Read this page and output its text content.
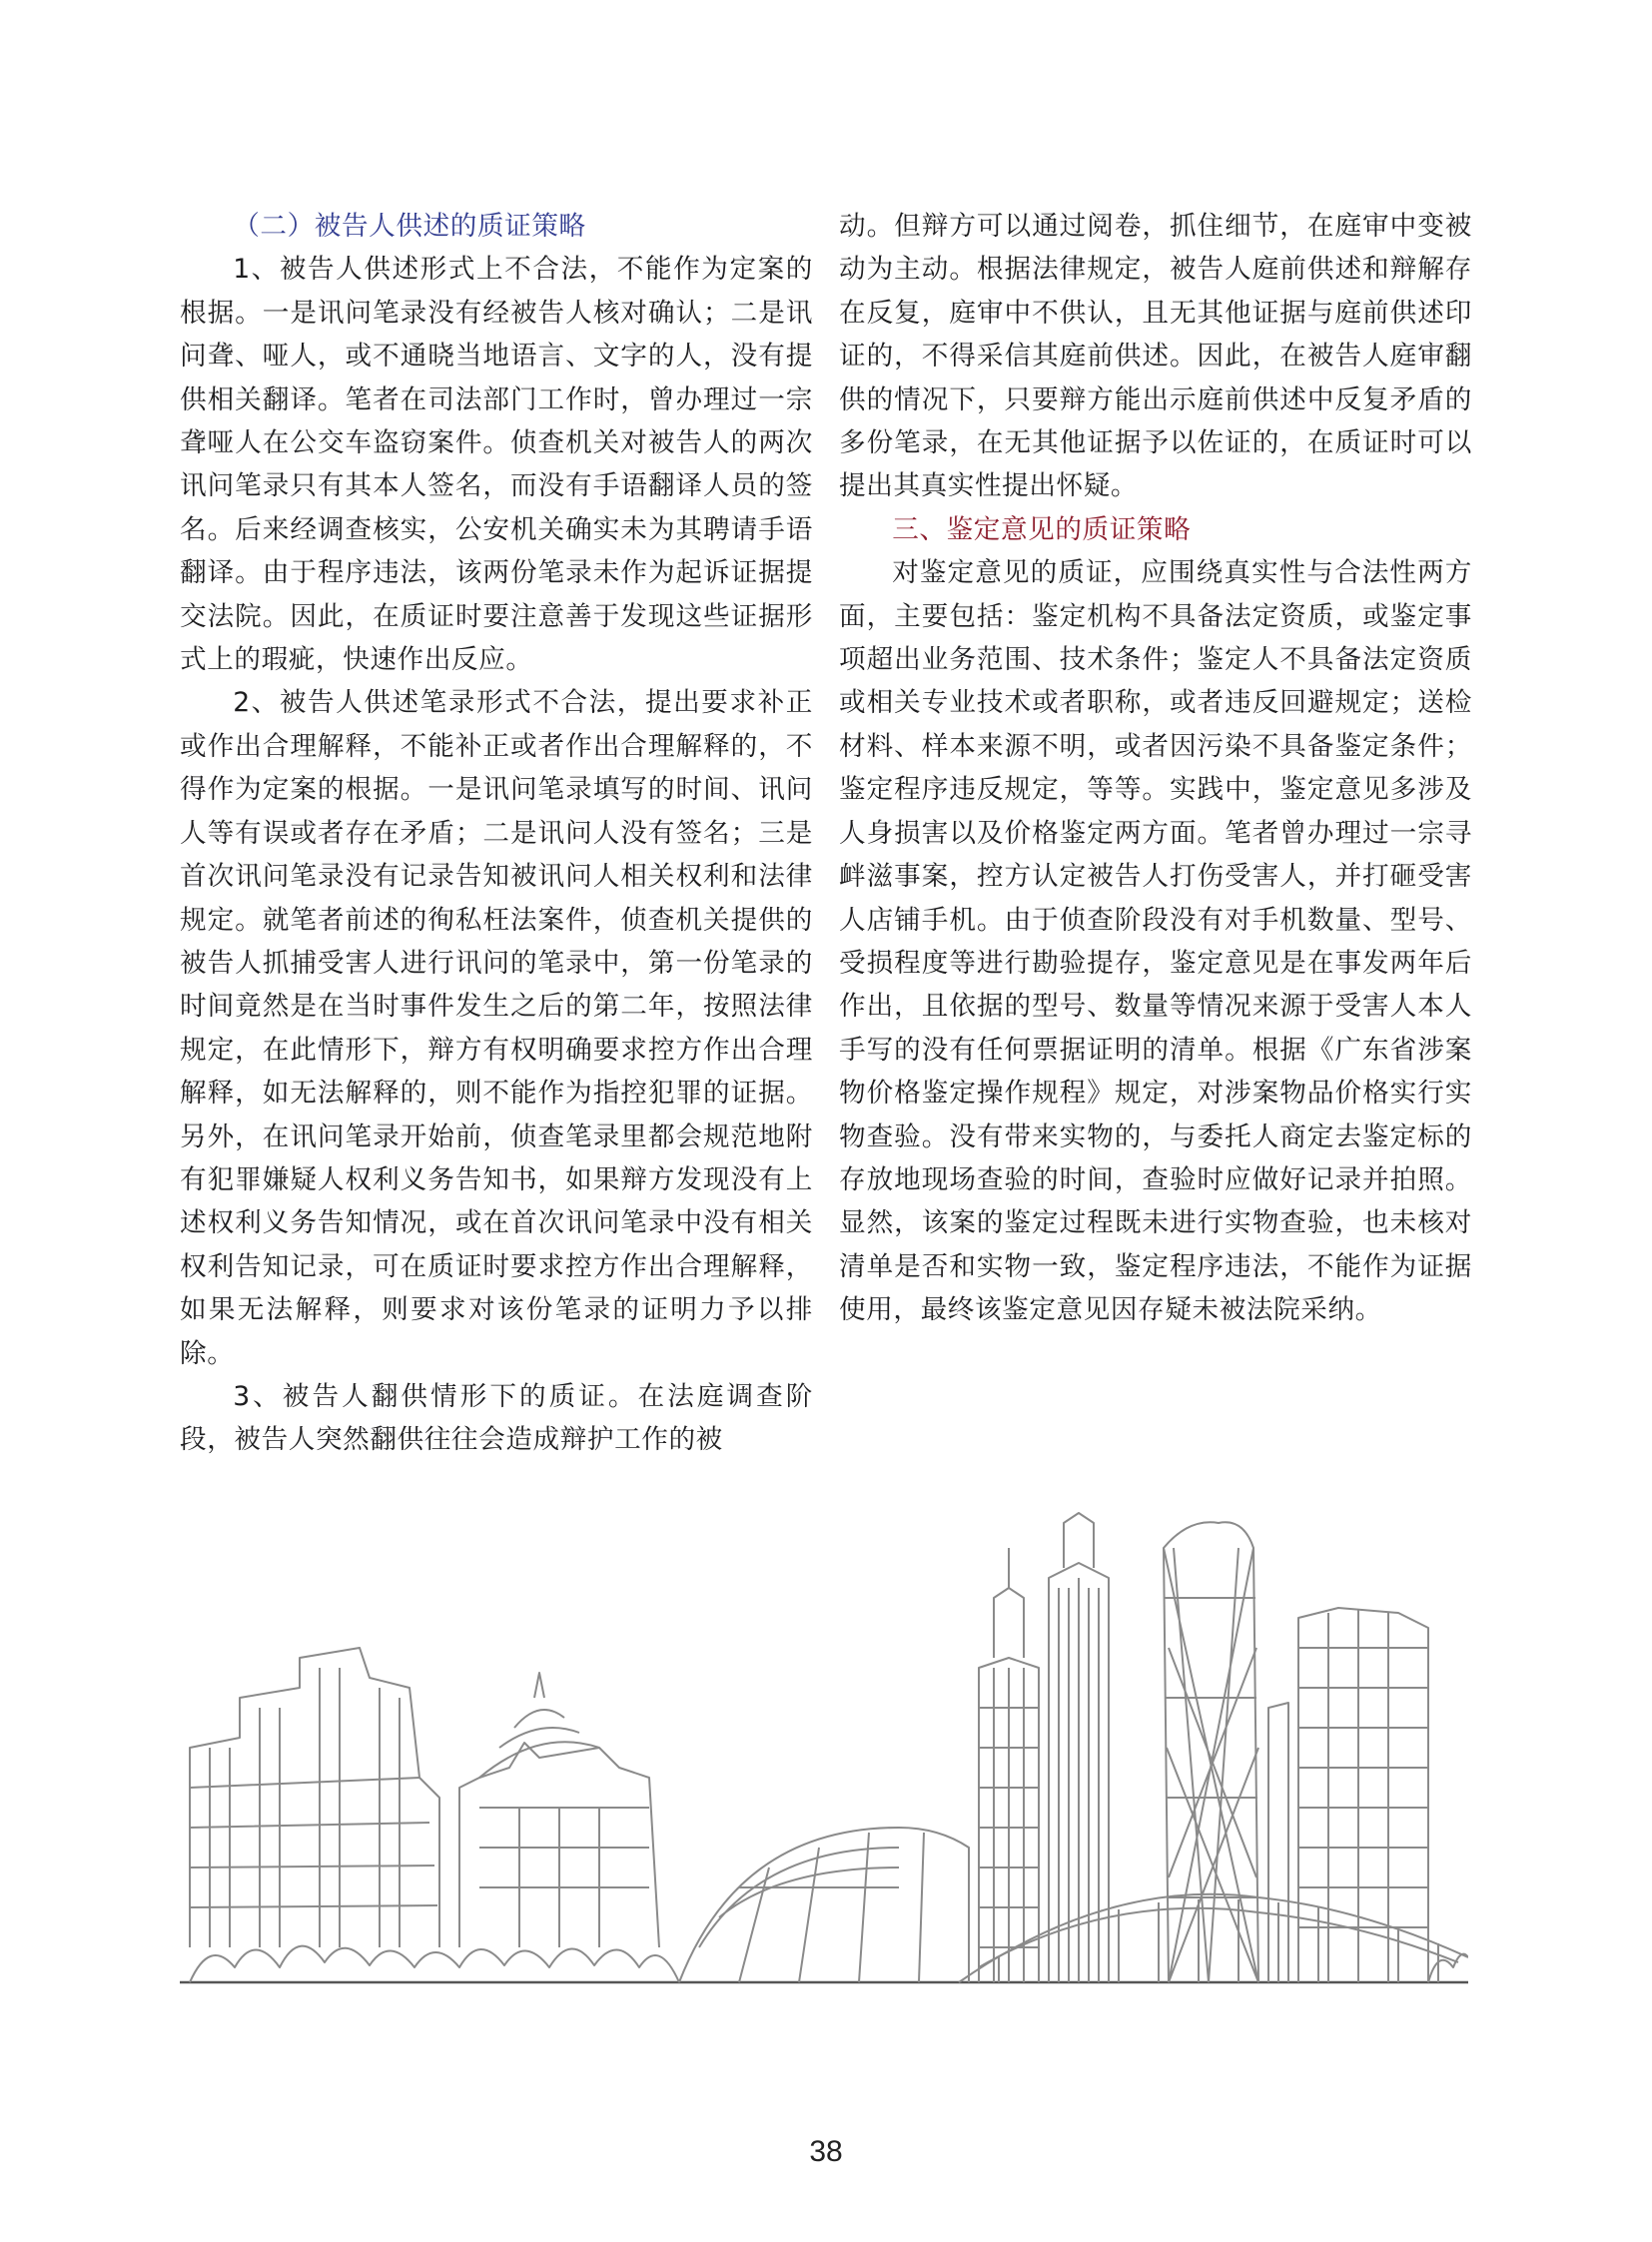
（二）被告人供述的质证策略

1、被告人供述形式上不合法，不能作为定案的根据。一是讯问笔录没有经被告人核对确认；二是讯问聋、哑人，或不通晓当地语言、文字的人，没有提供相关翻译。笔者在司法部门工作时，曾办理过一宗聋哑人在公交车盗窃案件。侦查机关对被告人的两次讯问笔录只有其本人签名，而没有手语翻译人员的签名。后来经调查核实，公安机关确实未为其聘请手语翻译。由于程序违法，该两份笔录未作为起诉证据提交法院。因此，在质证时要注意善于发现这些证据形式上的瑕疵，快速作出反应。

2、被告人供述笔录形式不合法，提出要求补正或作出合理解释，不能补正或者作出合理解释的，不得作为定案的根据。一是讯问笔录填写的时间、讯问人等有误或者存在矛盾；二是讯问人没有签名；三是首次讯问笔录没有记录告知被讯问人相关权利和法律规定。就笔者前述的徇私枉法案件，侦查机关提供的被告人抓捕受害人进行讯问的笔录中，第一份笔录的时间竟然是在当时事件发生之后的第二年，按照法律规定，在此情形下，辩方有权明确要求控方作出合理解释，如无法解释的，则不能作为指控犯罪的证据。另外，在讯问笔录开始前，侦查笔录里都会规范地附有犯罪嫌疑人权利义务告知书，如果辩方发现没有上述权利义务告知情况，或在首次讯问笔录中没有相关权利告知记录，可在质证时要求控方作出合理解释，如果无法解释，则要求对该份笔录的证明力予以排除。

3、被告人翻供情形下的质证。在法庭调查阶段，被告人突然翻供往往会造成辩护工作的被

动。但辩方可以通过阅卷，抓住细节，在庭审中变被动为主动。根据法律规定，被告人庭前供述和辩解存在反复，庭审中不供认，且无其他证据与庭前供述印证的，不得采信其庭前供述。因此，在被告人庭审翻供的情况下，只要辩方能出示庭前供述中反复矛盾的多份笔录，在无其他证据予以佐证的，在质证时可以提出其真实性提出怀疑。

三、鉴定意见的质证策略

对鉴定意见的质证，应围绕真实性与合法性两方面，主要包括：鉴定机构不具备法定资质，或鉴定事项超出业务范围、技术条件；鉴定人不具备法定资质或相关专业技术或者职称，或者违反回避规定；送检材料、样本来源不明，或者因污染不具备鉴定条件；鉴定程序违反规定，等等。实践中，鉴定意见多涉及人身损害以及价格鉴定两方面。笔者曾办理过一宗寻衅滋事案，控方认定被告人打伤受害人，并打砸受害人店铺手机。由于侦查阶段没有对手机数量、型号、受损程度等进行勘验提存，鉴定意见是在事发两年后作出，且依据的型号、数量等情况来源于受害人本人手写的没有任何票据证明的清单。根据《广东省涉案物价格鉴定操作规程》规定，对涉案物品价格实行实物查验。没有带来实物的，与委托人商定去鉴定标的存放地现场查验的时间，查验时应做好记录并拍照。显然，该案的鉴定过程既未进行实物查验，也未核对清单是否和实物一致，鉴定程序违法，不能作为证据使用，最终该鉴定意见因存疑未被法院采纳。

38
